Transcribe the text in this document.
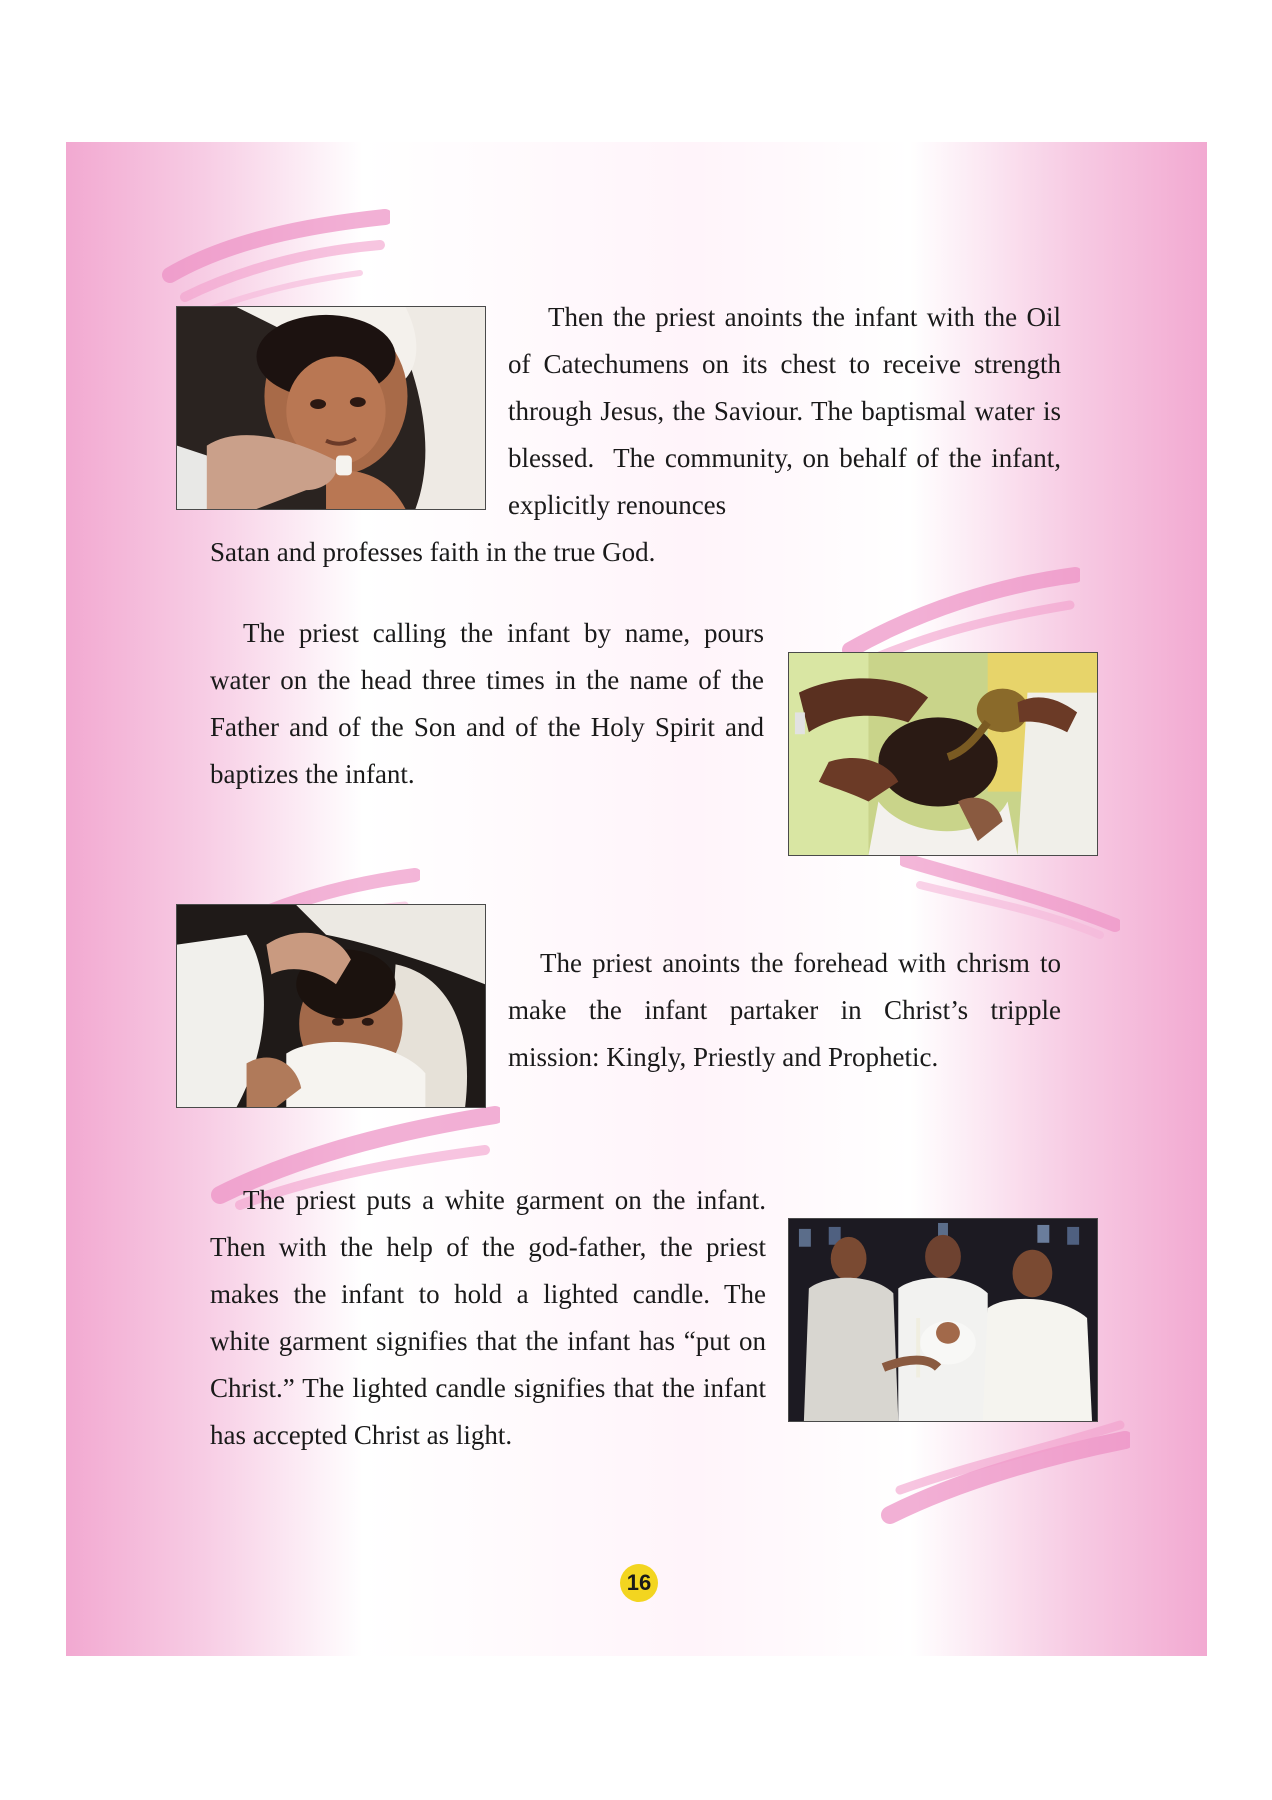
Then the priest anoints the infant with the Oil of Catechumens on its chest to receive strength through Jesus, the Saviour. The baptismal water is blessed.  The community, on behalf of the infant, explicitly renounces

Satan and professes faith in the true God.

The priest calling the infant by name, pours water on the head three times in the name of the Father and of the Son and of the Holy Spirit and baptizes the infant.

The priest anoints the forehead with chrism to make the infant partaker in Christ’s tripple mission: Kingly, Priestly and Prophetic.

The priest puts a white garment on the infant. Then with the help of the god-father, the priest makes the infant to hold a lighted candle. The white garment signifies that the infant has “put on Christ.” The lighted candle signifies that the infant has accepted Christ as light.

16
